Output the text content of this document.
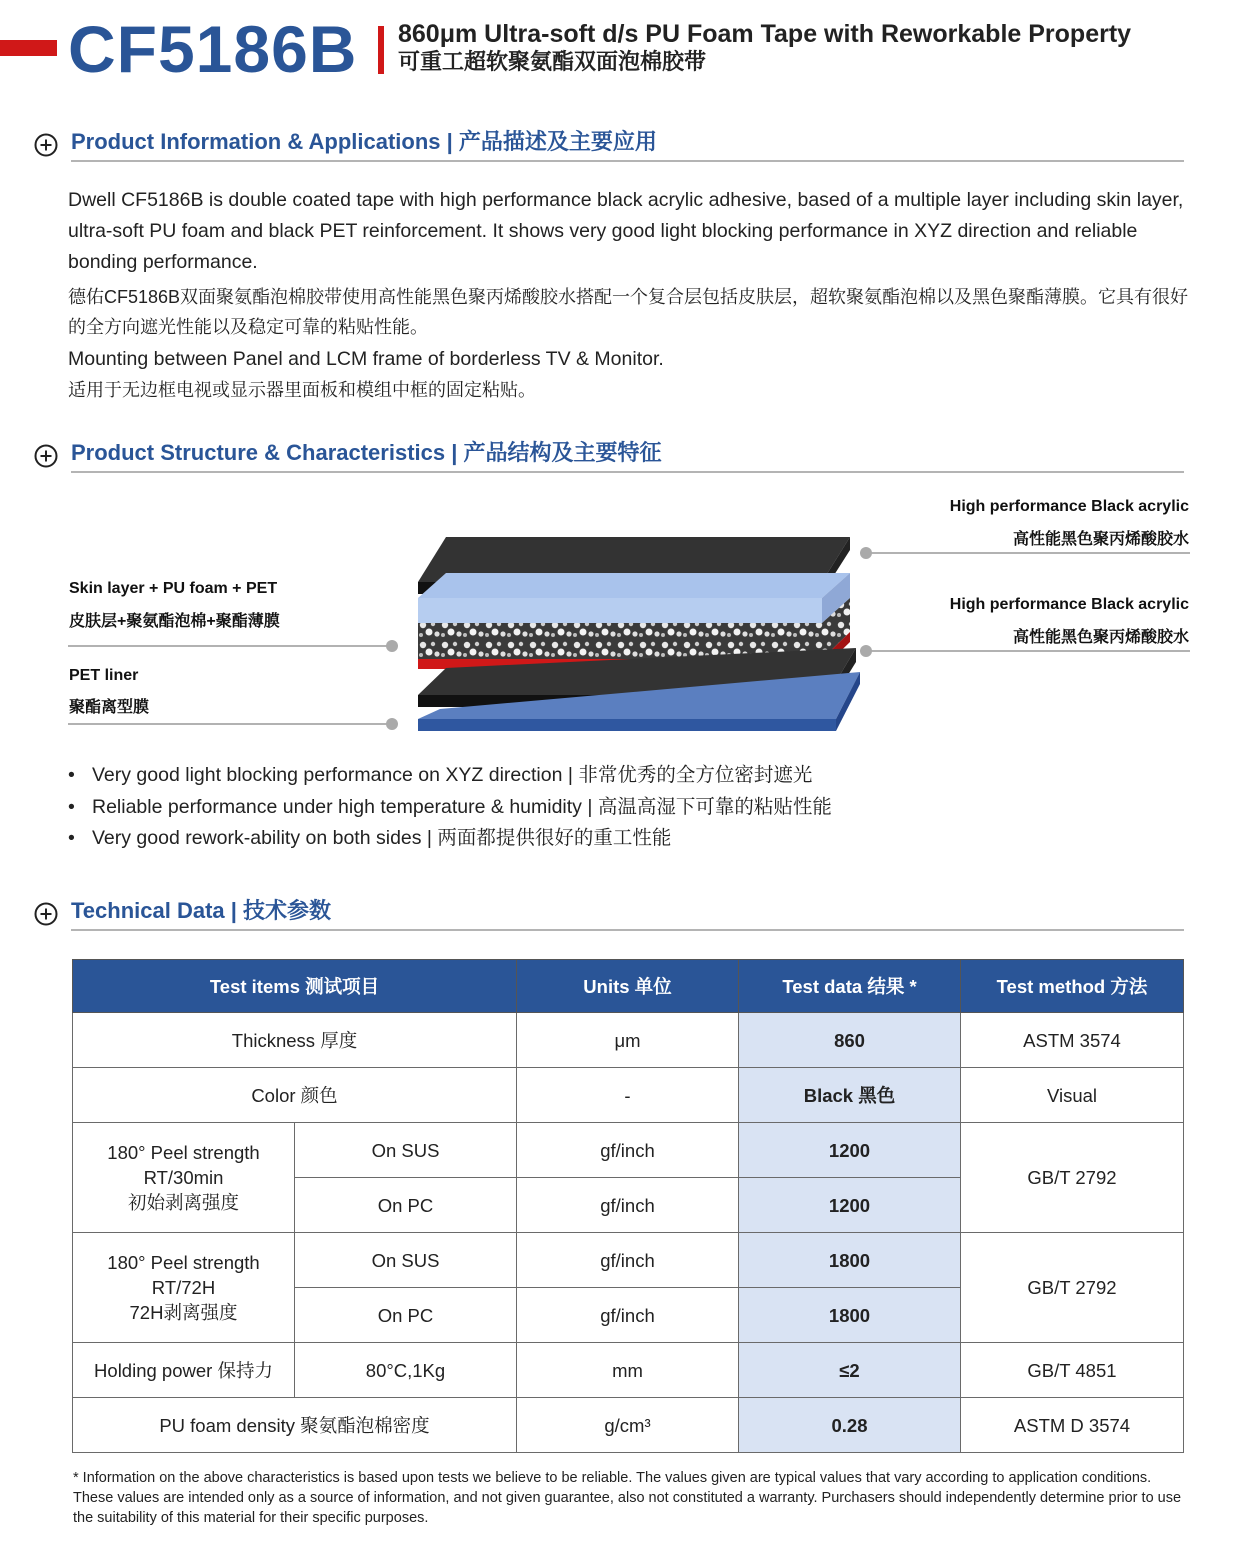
CF5186B 860μm Ultra-soft d/s PU Foam Tape with Reworkable Property
可重工超软聚氨酯双面泡棉胶带
Product Information & Applications | 产品描述及主要应用
Dwell CF5186B is double coated tape with high performance black acrylic adhesive, based of a multiple layer including skin layer, ultra-soft PU foam and black PET reinforcement. It shows very good light blocking performance in XYZ direction and reliable bonding performance.
德佑CF5186B双面聚氨酯泡棉胶带使用高性能黑色聚丙烯酸胶水搭配一个复合层包括皮肤层，超软聚氨酯泡棉以及黑色聚酯薄膜。它具有很好的全方向遮光性能以及稳定可靠的粘贴性能。
Mounting between Panel and LCM frame of borderless TV & Monitor.
适用于无边框电视或显示器里面板和模组中框的固定粘贴。
Product Structure & Characteristics | 产品结构及主要特征
High performance Black acrylic
高性能黑色聚丙烯酸胶水
High performance Black acrylic
高性能黑色聚丙烯酸胶水
Skin layer + PU foam + PET
皮肤层+聚氨酯泡棉+聚酯薄膜
PET liner
聚酯离型膜
• Very good light blocking performance on XYZ direction | 非常优秀的全方位密封遮光
• Reliable performance under high temperature & humidity | 高温高湿下可靠的粘贴性能
• Very good rework-ability on both sides | 两面都提供很好的重工性能
Technical Data | 技术参数
Test items 测试项目		Units 单位	Test data 结果 *	Test method 方法
Thickness 厚度		μm	860	ASTM 3574
Color 颜色		-	Black 黑色	Visual

180° Peel strength
RT/30min
初始剥离强度	On SUS	gf/inch	1200	GB/T 2792
	On PC	gf/inch	1200	

180° Peel strength
RT/72H
72H剥离强度	On SUS	gf/inch	1800	GB/T 2792
	On PC	gf/inch	1800	
Holding power 保持力	80°C,1Kg	mm	≤2	GB/T 4851
PU foam density 聚氨酯泡棉密度		g/cm³	0.28	ASTM D 3574
* Information on the above characteristics is based upon tests we believe to be reliable. The values given are typical values that vary according to application conditions. These values are intended only as a source of information, and not given guarantee, also not constituted a warranty. Purchasers should independently determine prior to use the suitability of this material for their specific purposes.
